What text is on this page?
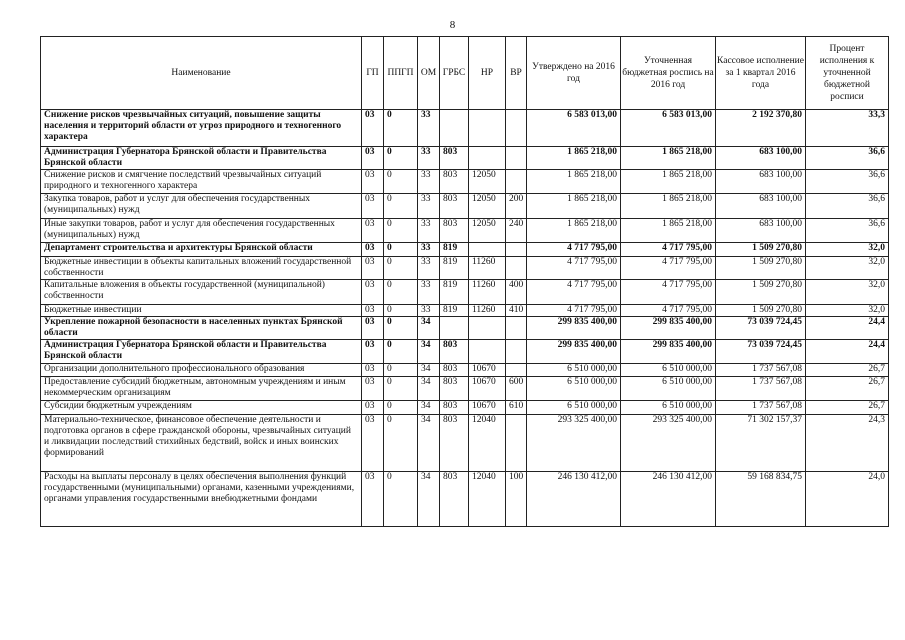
8
Наименование	ГП	ППГП	ОМ	ГРБС	НР	ВР	Утверждено на 2016 год	Уточненная бюджетная роспись на 2016 год	Кассовое исполнение за 1 квартал 2016 года	Процент исполнения к уточненной бюджетной росписи
Снижение рисков чрезвычайных ситуаций, повышение защиты населения и территорий области от угроз природного и техногенного характера	03	0	33				6 583 013,00	6 583 013,00	2 192 370,80	33,3
Администрация Губернатора Брянской области и Правительства Брянской области	03	0	33	803			1 865 218,00	1 865 218,00	683 100,00	36,6
Снижение рисков и смягчение последствий чрезвычайных ситуаций природного и техногенного характера	03	0	33	803	12050		1 865 218,00	1 865 218,00	683 100,00	36,6
Закупка товаров, работ и услуг для обеспечения государственных (муниципальных) нужд	03	0	33	803	12050	200	1 865 218,00	1 865 218,00	683 100,00	36,6
Иные закупки товаров, работ и услуг для обеспечения государственных (муниципальных) нужд	03	0	33	803	12050	240	1 865 218,00	1 865 218,00	683 100,00	36,6
Департамент строительства и архитектуры Брянской области	03	0	33	819			4 717 795,00	4 717 795,00	1 509 270,80	32,0
Бюджетные инвестиции в объекты капитальных вложений государственной собственности	03	0	33	819	11260		4 717 795,00	4 717 795,00	1 509 270,80	32,0
Капитальные вложения в объекты государственной (муниципальной) собственности	03	0	33	819	11260	400	4 717 795,00	4 717 795,00	1 509 270,80	32,0
Бюджетные инвестиции	03	0	33	819	11260	410	4 717 795,00	4 717 795,00	1 509 270,80	32,0
Укрепление пожарной безопасности в населенных пунктах Брянской области	03	0	34				299 835 400,00	299 835 400,00	73 039 724,45	24,4
Администрация Губернатора Брянской области и Правительства Брянской области	03	0	34	803			299 835 400,00	299 835 400,00	73 039 724,45	24,4
Организации дополнительного профессионального образования	03	0	34	803	10670		6 510 000,00	6 510 000,00	1 737 567,08	26,7
Предоставление субсидий бюджетным, автономным учреждениям и иным некоммерческим организациям	03	0	34	803	10670	600	6 510 000,00	6 510 000,00	1 737 567,08	26,7
Субсидии бюджетным учреждениям	03	0	34	803	10670	610	6 510 000,00	6 510 000,00	1 737 567,08	26,7
Материально-техническое, финансовое обеспечение деятельности и подготовка органов в сфере гражданской обороны, чрезвычайных ситуаций и ликвидации последствий стихийных бедствий, войск и иных воинских формирований	03	0	34	803	12040		293 325 400,00	293 325 400,00	71 302 157,37	24,3
Расходы на выплаты персоналу в целях обеспечения выполнения функций государственными (муниципальными) органами, казенными учреждениями, органами управления государственными внебюджетными фондами	03	0	34	803	12040	100	246 130 412,00	246 130 412,00	59 168 834,75	24,0
